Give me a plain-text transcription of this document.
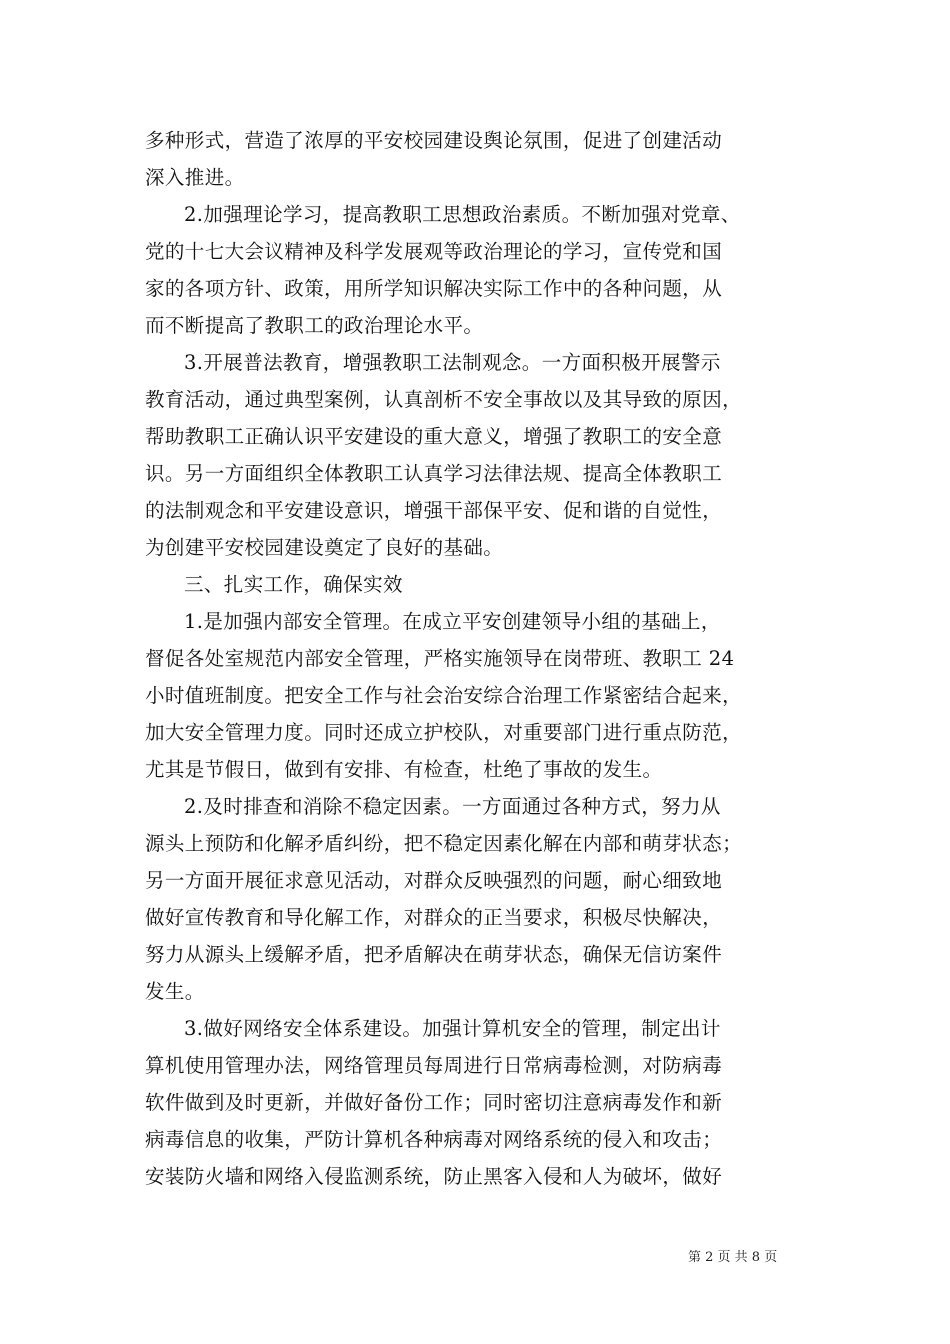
多种形式，营造了浓厚的平安校园建设舆论氛围，促进了创建活动
深入推进。
2.加强理论学习，提高教职工思想政治素质。不断加强对党章、
党的十七大会议精神及科学发展观等政治理论的学习，宣传党和国
家的各项方针、政策，用所学知识解决实际工作中的各种问题，从
而不断提高了教职工的政治理论水平。
3.开展普法教育，增强教职工法制观念。一方面积极开展警示
教育活动，通过典型案例，认真剖析不安全事故以及其导致的原因，
帮助教职工正确认识平安建设的重大意义，增强了教职工的安全意
识。另一方面组织全体教职工认真学习法律法规、提高全体教职工
的法制观念和平安建设意识，增强干部保平安、促和谐的自觉性，
为创建平安校园建设奠定了良好的基础。
三、扎实工作，确保实效
1.是加强内部安全管理。在成立平安创建领导小组的基础上，
督促各处室规范内部安全管理，严格实施领导在岗带班、教职工 24
小时值班制度。把安全工作与社会治安综合治理工作紧密结合起来，
加大安全管理力度。同时还成立护校队，对重要部门进行重点防范，
尤其是节假日，做到有安排、有检查，杜绝了事故的发生。
2.及时排查和消除不稳定因素。一方面通过各种方式，努力从
源头上预防和化解矛盾纠纷，把不稳定因素化解在内部和萌芽状态；
另一方面开展征求意见活动，对群众反映强烈的问题，耐心细致地
做好宣传教育和导化解工作，对群众的正当要求，积极尽快解决，
努力从源头上缓解矛盾，把矛盾解决在萌芽状态，确保无信访案件
发生。
3.做好网络安全体系建设。加强计算机安全的管理，制定出计
算机使用管理办法，网络管理员每周进行日常病毒检测，对防病毒
软件做到及时更新，并做好备份工作；同时密切注意病毒发作和新
病毒信息的收集，严防计算机各种病毒对网络系统的侵入和攻击；
安装防火墙和网络入侵监测系统，防止黑客入侵和人为破坏，做好
第 2 页 共 8 页
